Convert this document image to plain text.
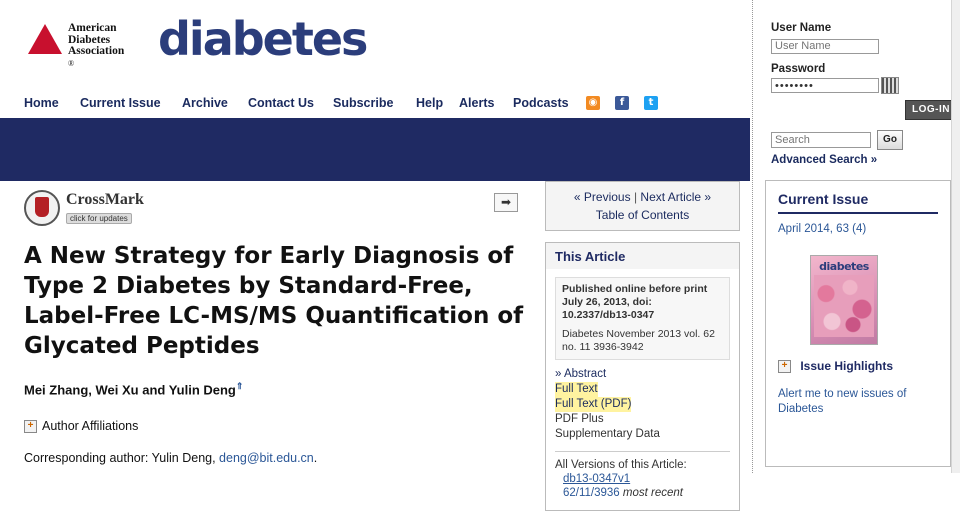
American
Diabetes
Association
®	diabetes
Home Current Issue Archive Contact Us Subscribe Help Alerts Podcasts ◉	f	t
User Name
User Name
Password
••••••••
LOG-IN
Search
Go
Advanced Search »
Current Issue
April 2014, 63 (4)
diabetes
+ Issue Highlights
Alert me to new issues of Diabetes
CrossMark
click for updates
A New Strategy for Early Diagnosis of Type 2 Diabetes by Standard-Free, Label-Free LC-MS/MS Quantification of Glycated Peptides
Mei Zhang, Wei Xu and Yulin Deng⇑
+ Author Affiliations
Corresponding author: Yulin Deng, deng@bit.edu.cn.
➡	« Previous | Next Article »
Table of Contents
This Article
Published online before print July 26, 2013, doi: 10.2337/db13-0347
Diabetes November 2013 vol. 62 no. 11 3936-3942
» Abstract
Full Text
Full Text (PDF)
PDF Plus
Supplementary Data
All Versions of this Article:
db13-0347v1
62/11/3936 most recent
